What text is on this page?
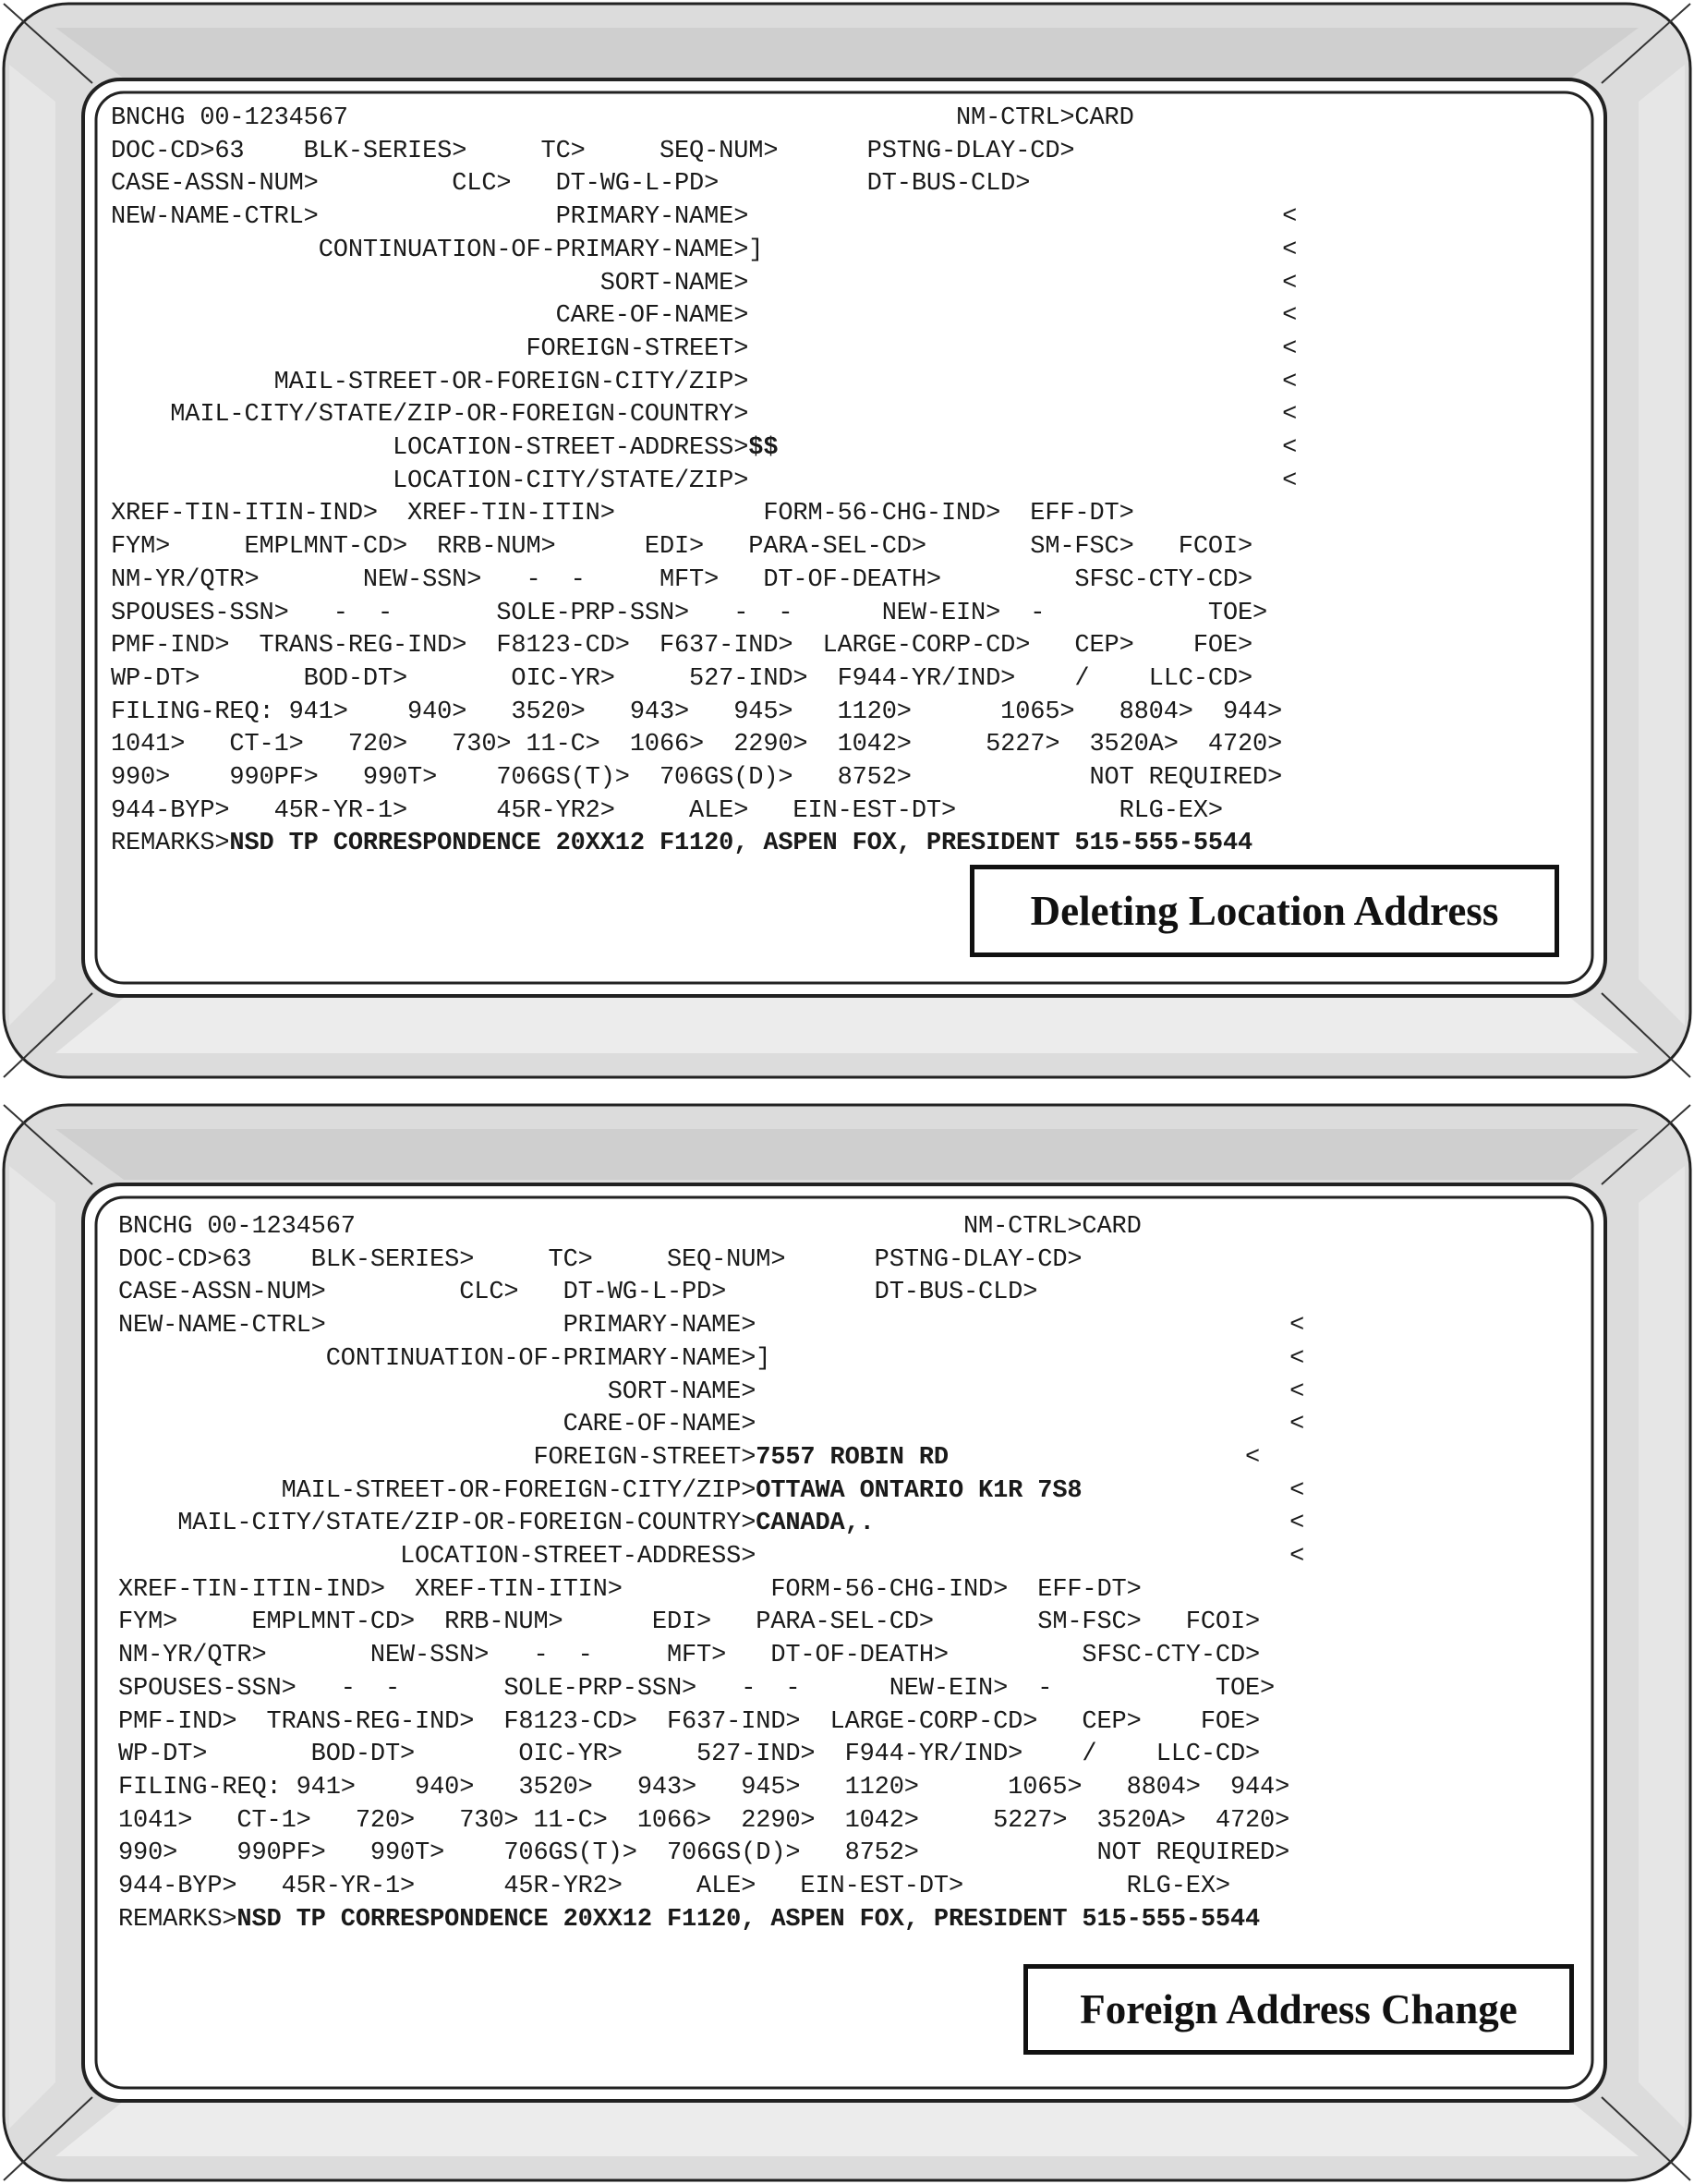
BNCHG 00-1234567                                         NM-CTRL>CARD
DOC-CD>63    BLK-SERIES>     TC>     SEQ-NUM>      PSTNG-DLAY-CD>
CASE-ASSN-NUM>         CLC>   DT-WG-L-PD>          DT-BUS-CLD>
NEW-NAME-CTRL>                PRIMARY-NAME>                                    <
CONTINUATION-OF-PRIMARY-NAME>]                                   <
SORT-NAME>                                    <
CARE-OF-NAME>                                    <
FOREIGN-STREET>                                    <
MAIL-STREET-OR-FOREIGN-CITY/ZIP>                                    <
MAIL-CITY/STATE/ZIP-OR-FOREIGN-COUNTRY>                                    <
LOCATION-STREET-ADDRESS>$$                                  <
LOCATION-CITY/STATE/ZIP>                                    <
XREF-TIN-ITIN-IND>  XREF-TIN-ITIN>          FORM-56-CHG-IND>  EFF-DT>
FYM>     EMPLMNT-CD>  RRB-NUM>      EDI>   PARA-SEL-CD>       SM-FSC>   FCOI>
NM-YR/QTR>       NEW-SSN>   -  -     MFT>   DT-OF-DEATH>         SFSC-CTY-CD>
SPOUSES-SSN>   -  -       SOLE-PRP-SSN>   -  -      NEW-EIN>  -           TOE>
PMF-IND>  TRANS-REG-IND>  F8123-CD>  F637-IND>  LARGE-CORP-CD>   CEP>    FOE>
WP-DT>       BOD-DT>       OIC-YR>     527-IND>  F944-YR/IND>    /    LLC-CD>
FILING-REQ: 941>    940>   3520>   943>   945>   1120>      1065>   8804>  944>
1041>   CT-1>   720>   730> 11-C>  1066>  2290>  1042>     5227>  3520A>  4720>
990>    990PF>   990T>    706GS(T)>  706GS(D)>   8752>            NOT REQUIRED>
944-BYP>   45R-YR-1>      45R-YR2>     ALE>   EIN-EST-DT>           RLG-EX>
REMARKS>NSD TP CORRESPONDENCE 20XX12 F1120, ASPEN FOX, PRESIDENT 515-555-5544
Deleting Location Address
BNCHG 00-1234567                                         NM-CTRL>CARD
DOC-CD>63    BLK-SERIES>     TC>     SEQ-NUM>      PSTNG-DLAY-CD>
CASE-ASSN-NUM>         CLC>   DT-WG-L-PD>          DT-BUS-CLD>
NEW-NAME-CTRL>                PRIMARY-NAME>                                    <
CONTINUATION-OF-PRIMARY-NAME>]                                   <
SORT-NAME>                                    <
CARE-OF-NAME>                                    <
FOREIGN-STREET>7557 ROBIN RD                    <
MAIL-STREET-OR-FOREIGN-CITY/ZIP>OTTAWA ONTARIO K1R 7S8              <
MAIL-CITY/STATE/ZIP-OR-FOREIGN-COUNTRY>CANADA,.                            <
LOCATION-STREET-ADDRESS>                                    <
XREF-TIN-ITIN-IND>  XREF-TIN-ITIN>          FORM-56-CHG-IND>  EFF-DT>
FYM>     EMPLMNT-CD>  RRB-NUM>      EDI>   PARA-SEL-CD>       SM-FSC>   FCOI>
NM-YR/QTR>       NEW-SSN>   -  -     MFT>   DT-OF-DEATH>         SFSC-CTY-CD>
SPOUSES-SSN>   -  -       SOLE-PRP-SSN>   -  -      NEW-EIN>  -           TOE>
PMF-IND>  TRANS-REG-IND>  F8123-CD>  F637-IND>  LARGE-CORP-CD>   CEP>    FOE>
WP-DT>       BOD-DT>       OIC-YR>     527-IND>  F944-YR/IND>    /    LLC-CD>
FILING-REQ: 941>    940>   3520>   943>   945>   1120>      1065>   8804>  944>
1041>   CT-1>   720>   730> 11-C>  1066>  2290>  1042>     5227>  3520A>  4720>
990>    990PF>   990T>    706GS(T)>  706GS(D)>   8752>            NOT REQUIRED>
944-BYP>   45R-YR-1>      45R-YR2>     ALE>   EIN-EST-DT>           RLG-EX>
REMARKS>NSD TP CORRESPONDENCE 20XX12 F1120, ASPEN FOX, PRESIDENT 515-555-5544
Foreign Address Change
